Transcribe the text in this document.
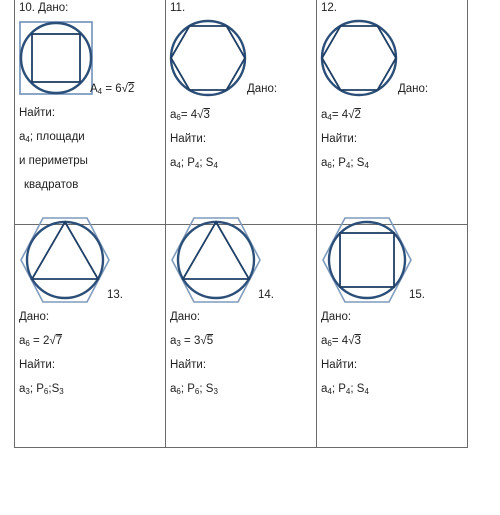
10. Дано:
A4 = 6√2
Найти:
a4; площади
и периметры
квадратов
11.
Дано:
a6= 4√3
Найти:
a4; P4; S4
12.
Дано:
a4= 4√2
Найти:
a6; P4; S4
13.
Дано:
a6 = 2√7
Найти:
a3; P6;S3
14.
Дано:
a3 = 3√5
Найти:
a6; P6; S3
15.
Дано:
a6= 4√3
Найти:
a4; P4; S4
